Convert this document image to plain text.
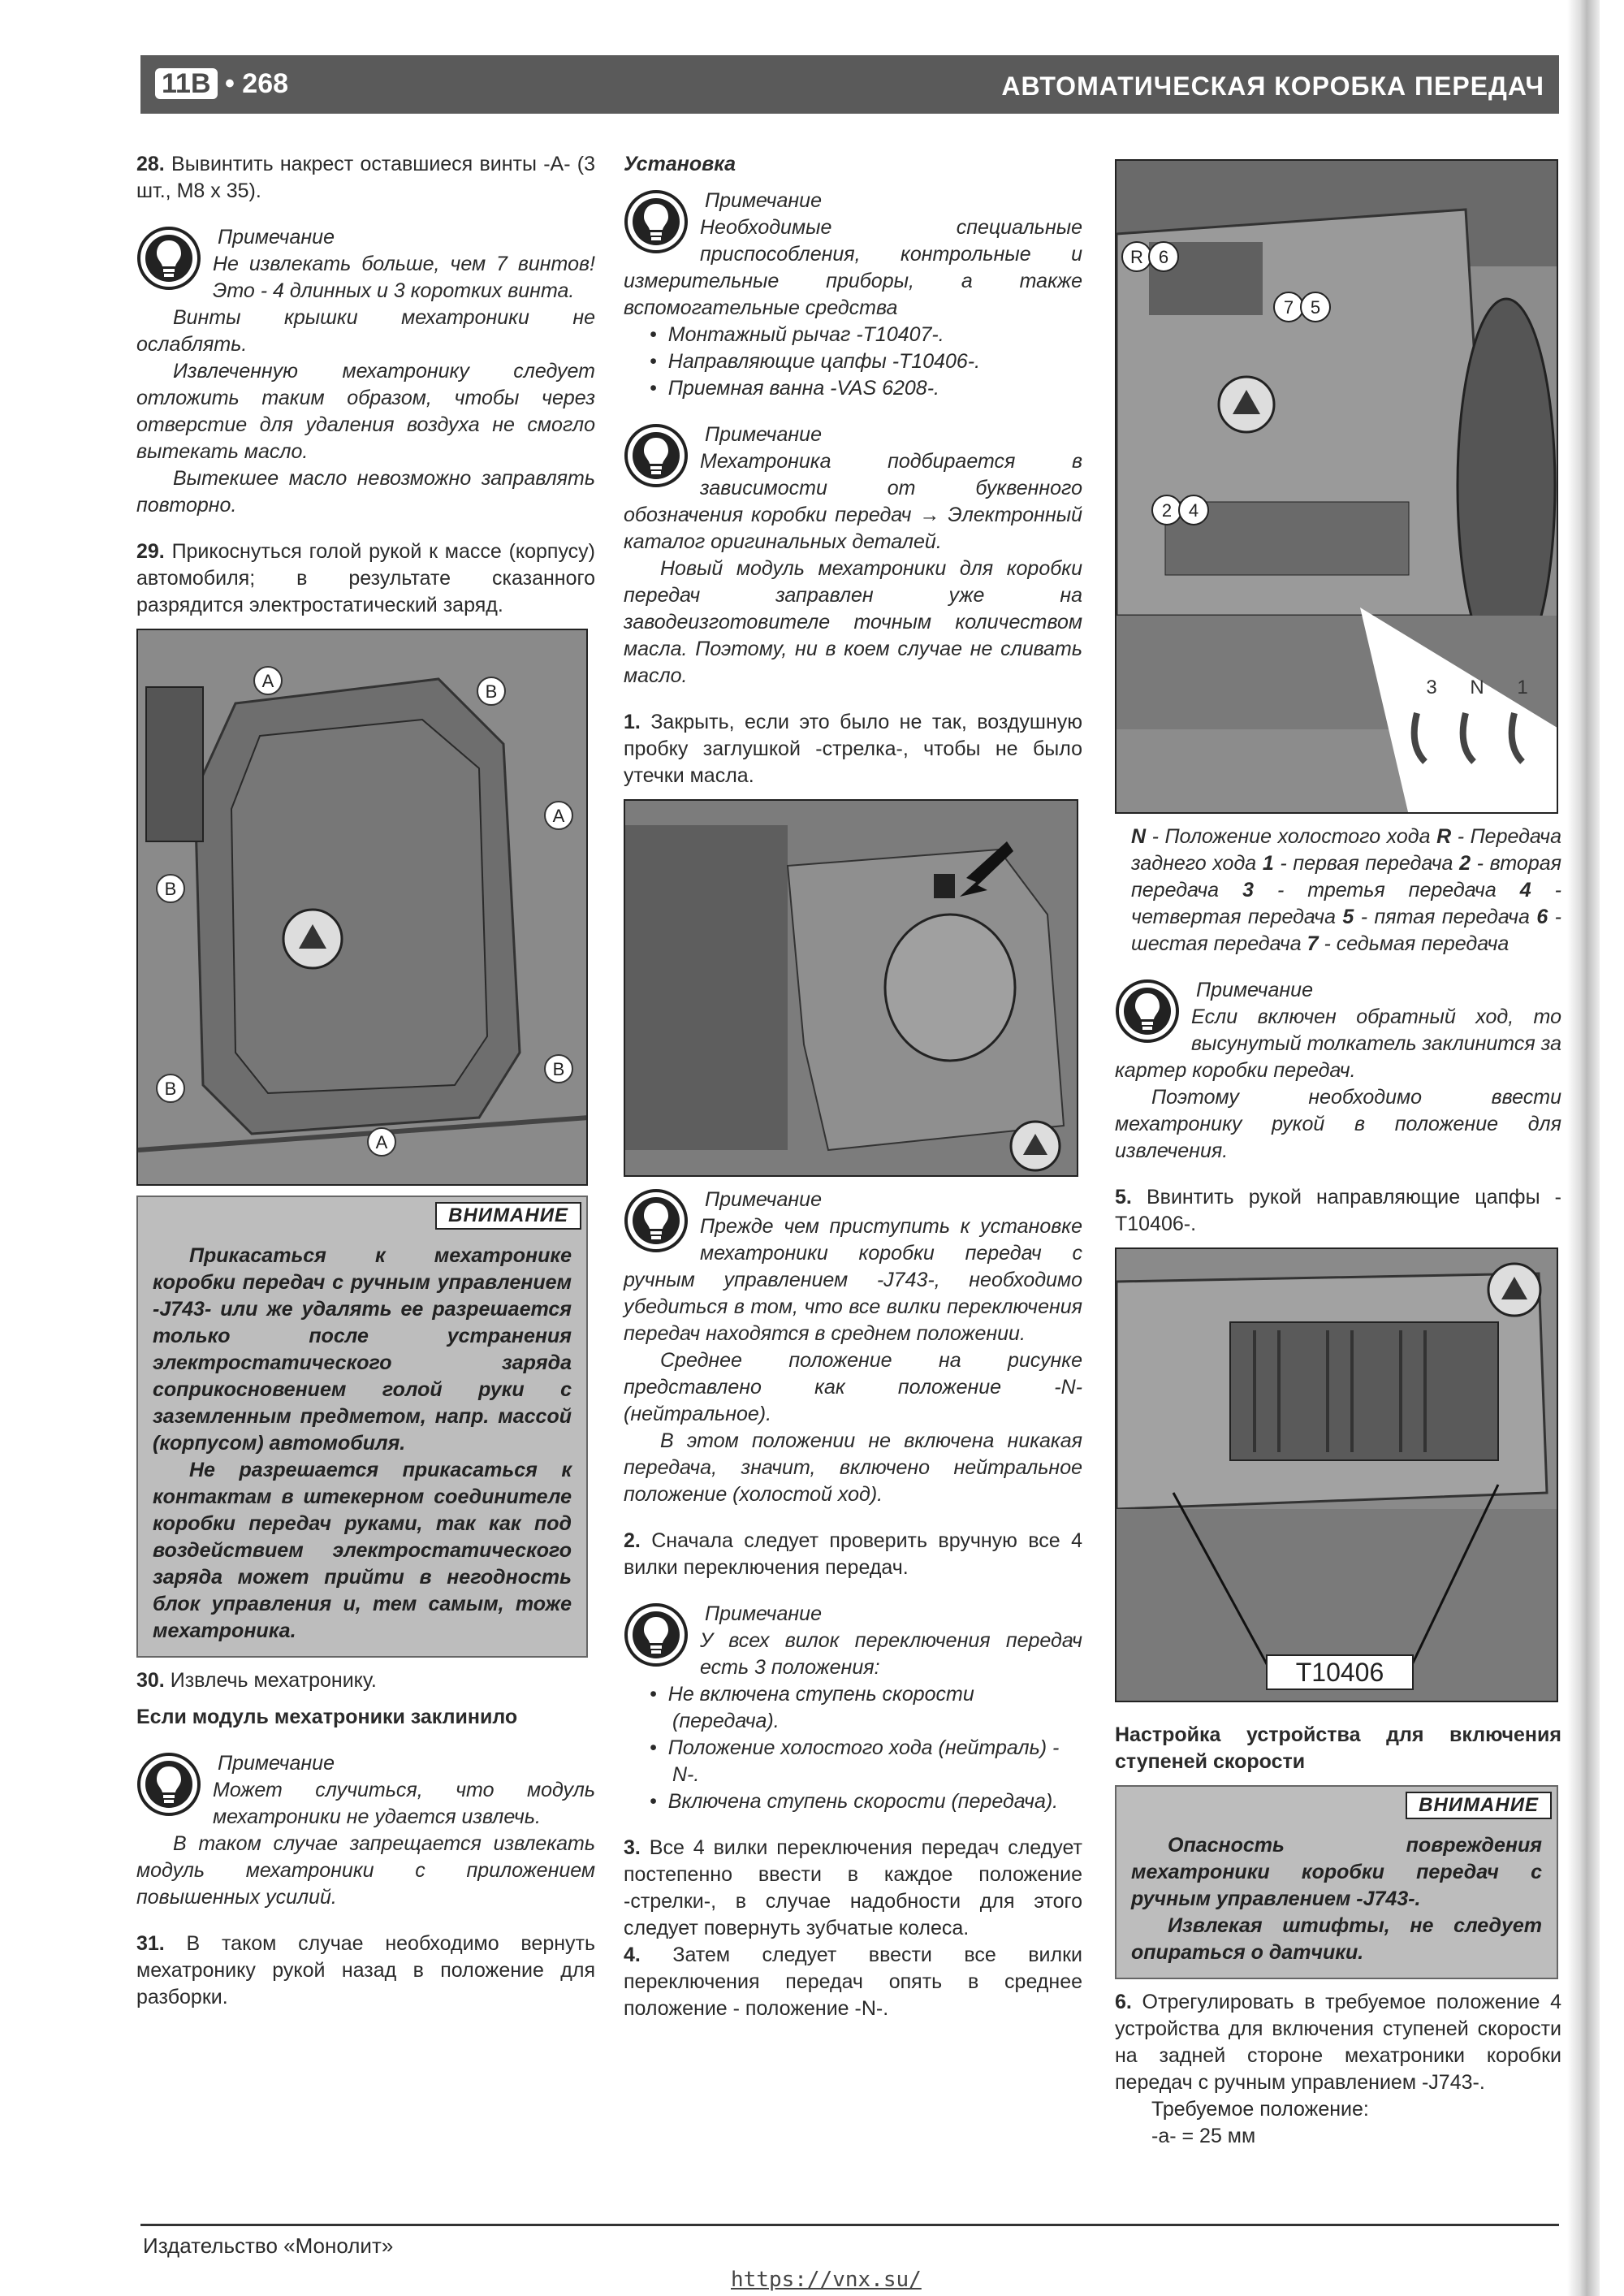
11B • 268	АВТОМАТИЧЕСКАЯ КОРОБКА ПЕРЕДАЧ

28. Вывинтить накрест оставшиеся винты -А- (3 шт., M8 x 35).

Примечание

Не извлекать больше, чем 7 винтов! Это - 4 длинных и 3 коротких винта.

Винты крышки мехатроники не ослаблять.

Извлеченную мехатронику следует отложить таким образом, чтобы через отверстие для удаления воздуха не смогло вытекать масло.

Вытекшее масло невозможно заправлять повторно.

29. Прикоснуться голой рукой к массе (корпусу) автомобиля; в результате сказанного разрядится электростатический заряд.

A
B
A
B
B
B
A
ВНИМАНИЕ

Прикасаться к мехатронике коробки передач с ручным управлением -J743- или же удалять ее разрешается только после устранения электростатического заряда соприкосновением голой руки с заземленным предметом, напр. массой (корпусом) автомобиля.

Не разрешается прикасаться к контактам в штекерном соединителе коробки передач руками, так как под воздействием электростатического заряда может прийти в негодность блок управления и, тем самым, тоже мехатроника.

30. Извлечь мехатронику.

Если модуль мехатроники заклинило

Примечание

Может случиться, что модуль мехатроники не удается извлечь.

В таком случае запрещается извлекать модуль мехатроники с приложением повышенных усилий.

31. В таком случае необходимо вернуть мехатронику рукой назад в положение для разборки.

Установка

Примечание

Необходимые специальные приспособления, контрольные и измерительные приборы, а также вспомогательные средства

• Монтажный рычаг -T10407-.
• Направляющие цапфы -T10406-.
• Приемная ванна -VAS 6208-.
Примечание

Мехатроника подбирается в зависимости от буквенного обозначения коробки передач → Электронный каталог оригинальных деталей.

Новый модуль мехатроники для коробки передач заправлен уже на заводеизготовителе точным количеством масла. Поэтому, ни в коем случае не сливать масло.

1. Закрыть, если это было не так, воздушную пробку заглушкой -стрелка-, чтобы не было утечки масла.

Примечание

Прежде чем приступить к установке мехатроники коробки передач с ручным управлением -J743-, необходимо убедиться в том, что все вилки переключения передач находятся в среднем положении.

Среднее положение на рисунке представлено как положение -N- (нейтральное).

В этом положении не включена никакая передача, значит, включено нейтральное положение (холостой ход).

2. Сначала следует проверить вручную все 4 вилки переключения передач.

Примечание

У всех вилок переключения передач есть 3 положения:

• Не включена ступень скорости (передача).
• Положение холостого хода (нейтраль) -N-.
• Включена ступень скорости (передача).

3. Все 4 вилки переключения передач следует постепенно ввести в каждое положение -стрелки-, в случае надобности для этого следует повернуть зубчатые колеса.

4. Затем следует ввести все вилки переключения передач опять в среднее положение - положение -N-.

R 6
7 5
2 4
3 N 1

N - Положение холостого хода R - Передача заднего хода 1 - первая передача 2 - вторая передача 3 - третья передача 4 - четвертая передача 5 - пятая передача 6 - шестая передача 7 - седьмая передача

Примечание

Если включен обратный ход, то высунутый толкатель заклинится за картер коробки передач.

Поэтому необходимо ввести мехатронику рукой в положение для извлечения.

5. Ввинтить рукой направляющие цапфы -T10406-.

T10406

Настройка устройства для включения ступеней скорости

ВНИМАНИЕ

Опасность повреждения мехатроники коробки передач с ручным управлением -J743-.

Извлекая штифты, не следует опираться о датчики.

6. Отрегулировать в требуемое положение 4 устройства для включения ступеней скорости на задней стороне мехатроники коробки передач с ручным управлением -J743-.

Требуемое положение:

-a- = 25 мм

Издательство «Монолит»
https://vnx.su/
